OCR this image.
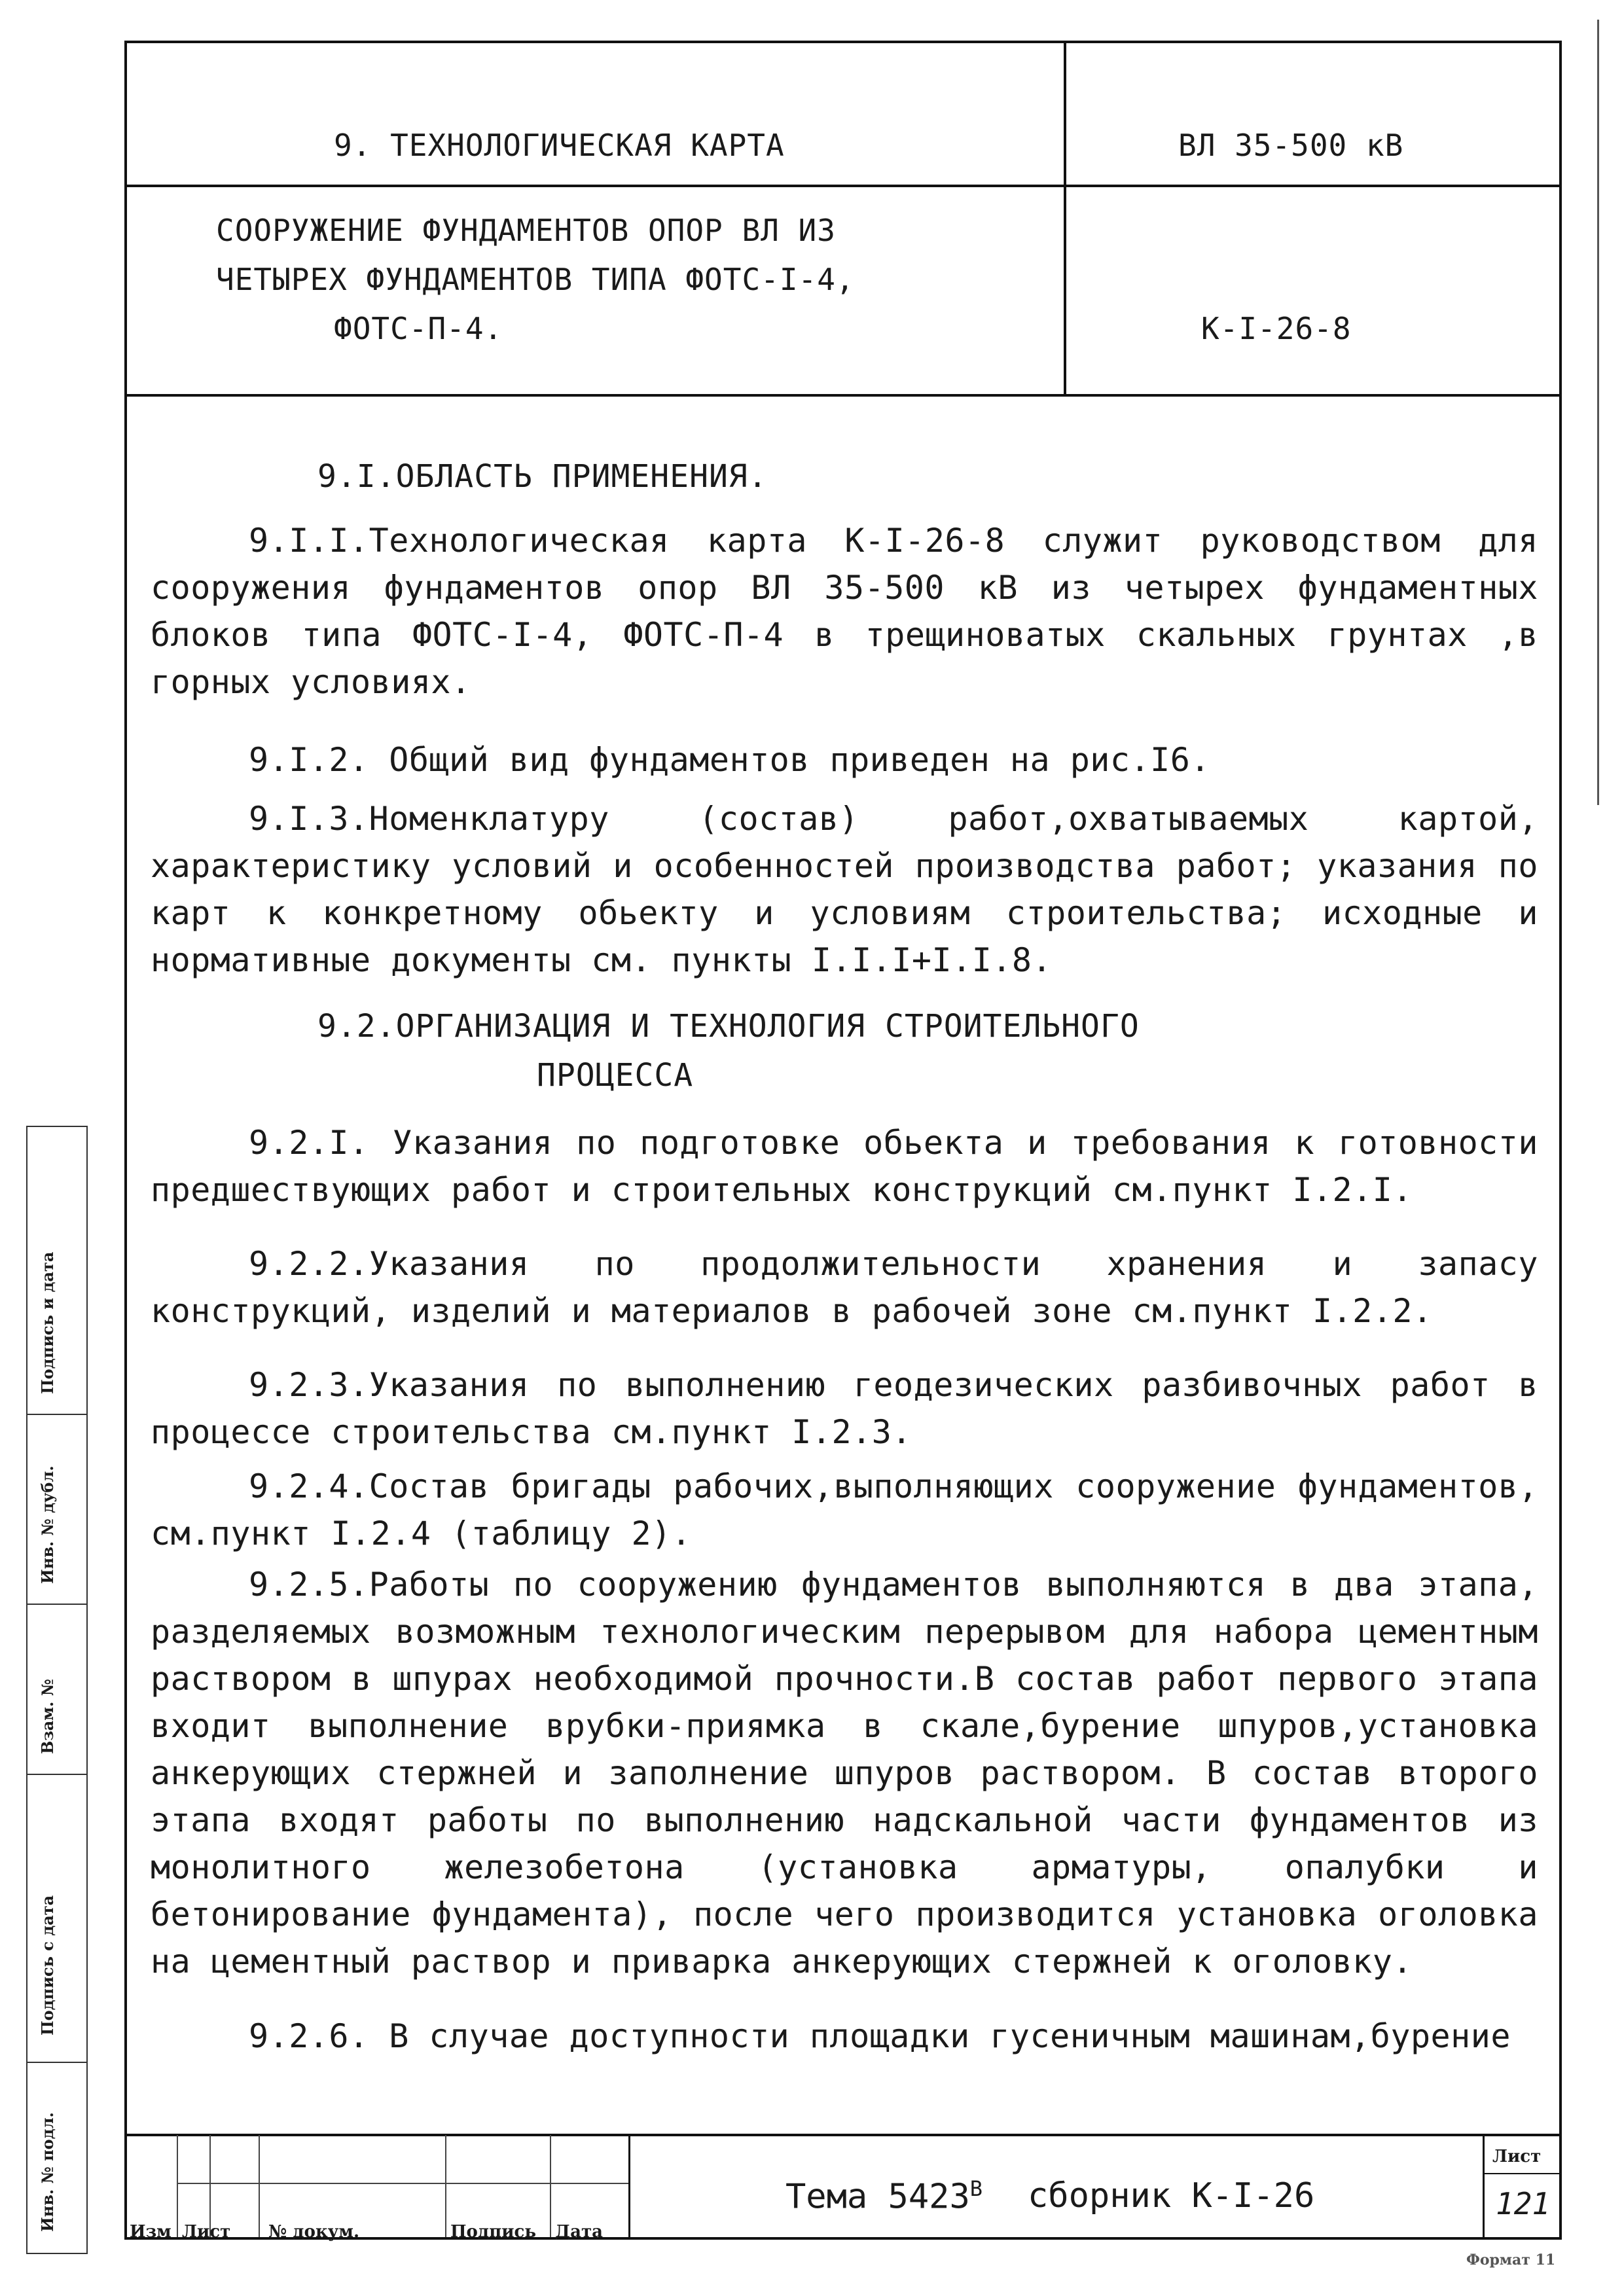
9. ТЕХНОЛОГИЧЕСКАЯ КАРТА	ВЛ 35-500 кВ
СООРУЖЕНИЕ ФУНДАМЕНТОВ ОПОР ВЛ ИЗ
ЧЕТЫРЕХ ФУНДАМЕНТОВ ТИПА ФОТС-I-4,
ФОТС-П-4.	К-I-26-8
9.I.ОБЛАСТЬ ПРИМЕНЕНИЯ.

9.I.I.Технологическая карта К-I-26-8 служит руководством для сооружения фундаментов опор ВЛ 35-500 кВ из четырех фундаментных блоков типа ФОТС-I-4, ФОТС-П-4 в трещиноватых скальных грунтах ,в горных условиях.

9.I.2. Общий вид фундаментов приведен на рис.I6.

9.I.3.Номенклатуру (состав) работ,охватываемых картой, характеристику условий и особенностей производства работ; указания по карт к конкретному обьекту и условиям строительства; исходные и нормативные документы см. пункты I.I.I+I.I.8.

9.2.ОРГАНИЗАЦИЯ И ТЕХНОЛОГИЯ СТРОИТЕЛЬНОГО
ПРОЦЕССА

9.2.I. Указания по подготовке обьекта и требования к готовности предшествующих работ и строительных конструкций см.пункт I.2.I.

9.2.2.Указания по продолжительности хранения и запасу конструкций, изделий и материалов в рабочей зоне см.пункт I.2.2.

9.2.3.Указания по выполнению геодезических разбивочных работ в процессе строительства см.пункт I.2.3.

9.2.4.Состав бригады рабочих,выполняющих сооружение фундаментов, см.пункт I.2.4 (таблицу 2).

9.2.5.Работы по сооружению фундаментов выполняются в два этапа, разделяемых возможным технологическим перерывом для набора цементным раствором в шпурах необходимой прочности.В состав работ первого этапа входит выполнение врубки-приямка в скале,бурение шпуров,установка анкерующих стержней и заполнение шпуров раствором. В состав второго этапа входят работы по выполнению надскальной части фундаментов из монолитного железобетона (установка арматуры, опалубки и бетонирование фундамента), после чего производится установка оголовка на цементный раствор и приварка анкерующих стержней к оголовку.

9.2.6. В случае доступности площадки гусеничным машинам,бурение

Подпись и дата
Инв. № дубл.
Взам. №
Подпись с дата
Инв. № подл.	Изм Лист № докум.	Подпись Дата
Тема $5423^В$ сборник К-I-26
Лист
121
Формат 11
